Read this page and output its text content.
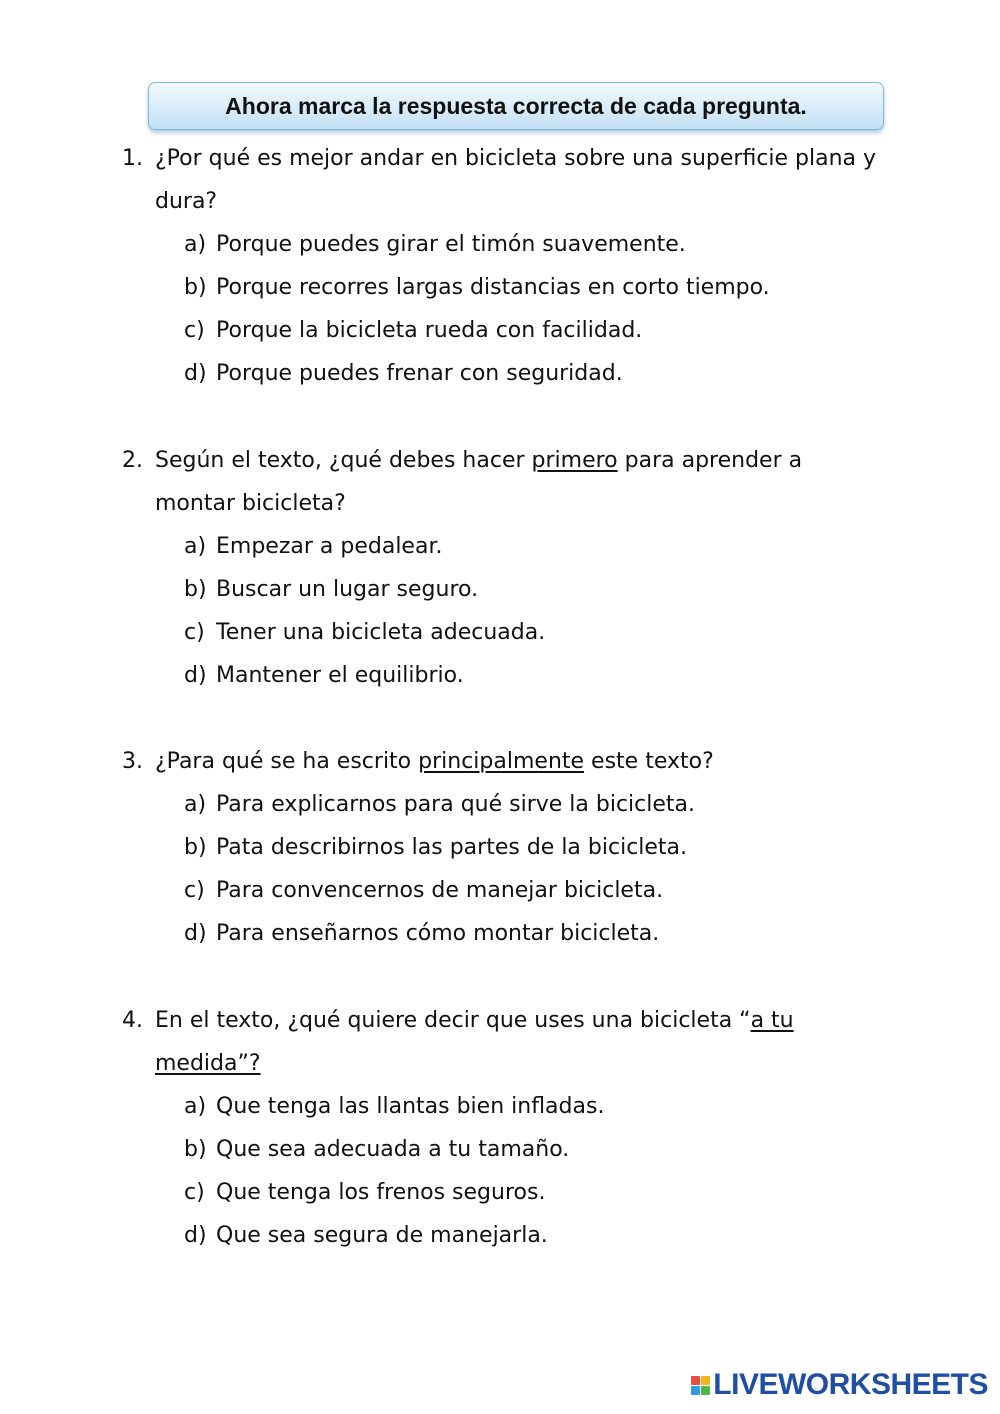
Ahora marca la respuesta correcta de cada pregunta.
1. ¿Por qué es mejor andar en bicicleta sobre una superficie plana y dura?
a) Porque puedes girar el timón suavemente.
b) Porque recorres largas distancias en corto tiempo.
c) Porque la bicicleta rueda con facilidad.
d) Porque puedes frenar con seguridad.
2. Según el texto, ¿qué debes hacer primero para aprender a montar bicicleta?
a) Empezar a pedalear.
b) Buscar un lugar seguro.
c) Tener una bicicleta adecuada.
d) Mantener el equilibrio.
3. ¿Para qué se ha escrito principalmente este texto?
a) Para explicarnos para qué sirve la bicicleta.
b) Pata describirnos las partes de la bicicleta.
c) Para convencernos de manejar bicicleta.
d) Para enseñarnos cómo montar bicicleta.
4. En el texto, ¿qué quiere decir que uses una bicicleta “a tu medida”?
a) Que tenga las llantas bien infladas.
b) Que sea adecuada a tu tamaño.
c) Que tenga los frenos seguros.
d) Que sea segura de manejarla.
LIVEWORKSHEETS
